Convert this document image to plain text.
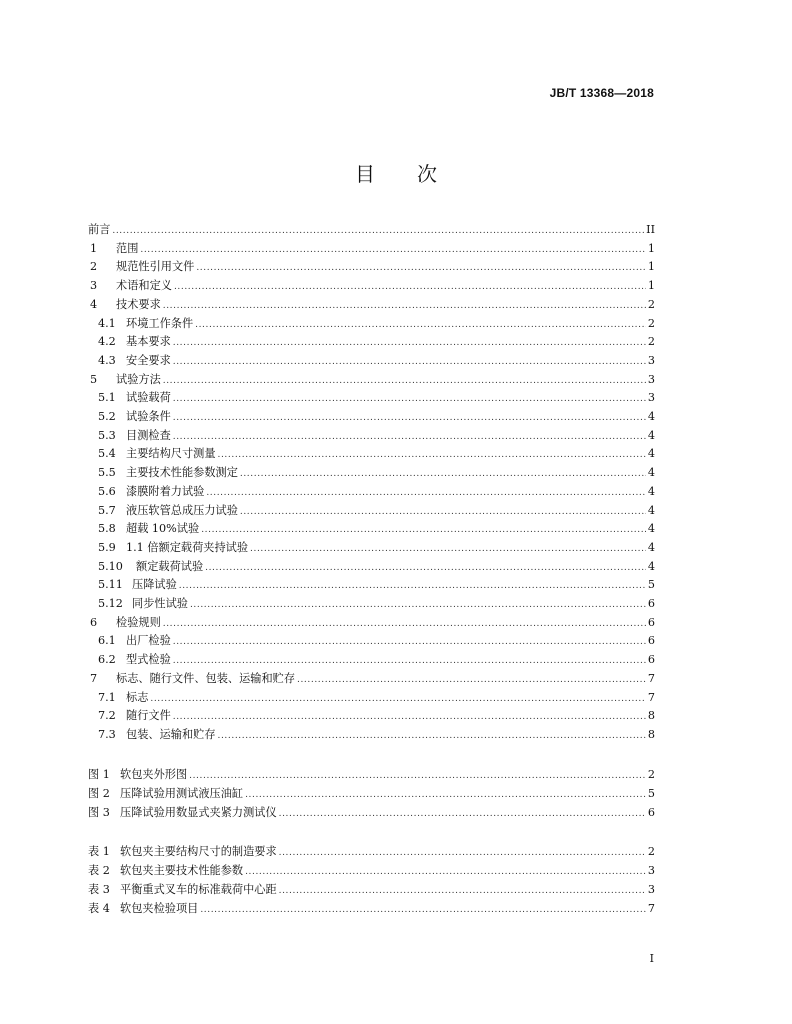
JB/T 13368—2018
目 次
前言 .....	II
1	范围 .....	1
2	规范性引用文件 .....	1
3	术语和定义 .....	1
4	技术要求 .....	2
4.1 环境工作条件 .....	2
4.2 基本要求 .....	2
4.3 安全要求 .....	3
5	试验方法 .....	3
5.1 试验载荷 .....	3
5.2 试验条件 .....	4
5.3 目测检查 .....	4
5.4 主要结构尺寸测量 .....	4
5.5 主要技术性能参数测定 .....	4
5.6 漆膜附着力试验 .....	4
5.7 液压软管总成压力试验 .....	4
5.8 超载 10%试验 .....	4
5.9 1.1 倍额定载荷夹持试验 .....	4
5.10	额定载荷试验 .....	4
5.11 压降试验 .....	5
5.12 同步性试验 .....	6
6	检验规则 .....	6
6.1 出厂检验 .....	6
6.2 型式检验 .....	6
7	标志、随行文件、包装、运输和贮存 .....	7
7.1 标志 .....	7
7.2 随行文件 .....	8
7.3 包装、运输和贮存 .....	8
图 1 软包夹外形图 .....	2
图 2 压降试验用测试液压油缸 .....	5
图 3 压降试验用数显式夹紧力测试仪 .....	6
表 1 软包夹主要结构尺寸的制造要求 .....	2
表 2 软包夹主要技术性能参数 .....	3
表 3 平衡重式叉车的标准载荷中心距 .....	3
表 4 软包夹检验项目 .....	7
I
